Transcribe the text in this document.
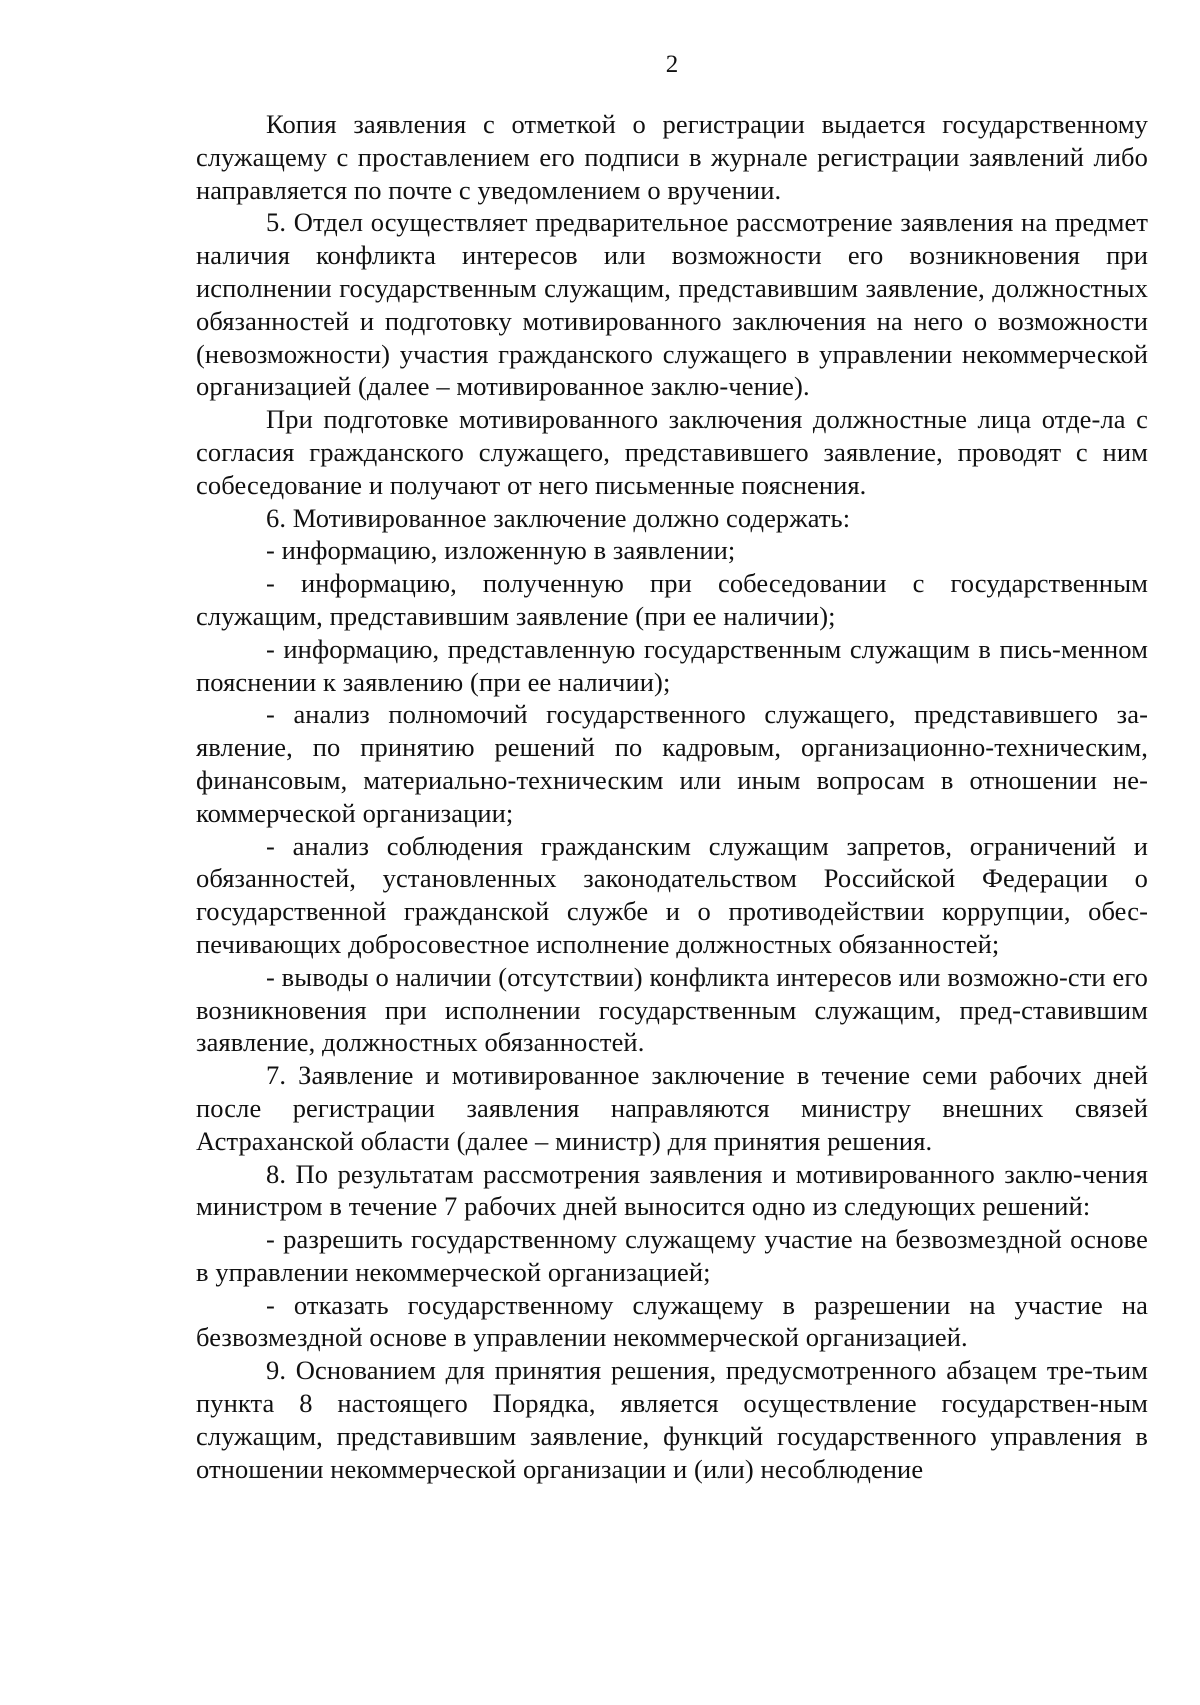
2

Копия заявления с отметкой о регистрации выдается государственному служащему с проставлением его подписи в журнале регистрации заявлений либо направляется по почте с уведомлением о вручении.

5. Отдел осуществляет предварительное рассмотрение заявления на предмет наличия конфликта интересов или возможности его возникновения при исполнении государственным служащим, представившим заявление, должностных обязанностей и подготовку мотивированного заключения на него о возможности (невозможности) участия гражданского служащего в управлении некоммерческой организацией (далее – мотивированное заклю-чение).

При подготовке мотивированного заключения должностные лица отде-ла с согласия гражданского служащего, представившего заявление, проводят с ним собеседование и получают от него письменные пояснения.

6. Мотивированное заключение должно содержать:

- информацию, изложенную в заявлении;

- информацию, полученную при собеседовании с государственным служащим, представившим заявление (при ее наличии);

- информацию, представленную государственным служащим в пись-менном пояснении к заявлению (при ее наличии);

- анализ полномочий государственного служащего, представившего за-явление, по принятию решений по кадровым, организационно-техническим, финансовым, материально-техническим или иным вопросам в отношении не-коммерческой организации;

- анализ соблюдения гражданским служащим запретов, ограничений и обязанностей, установленных законодательством Российской Федерации о государственной гражданской службе и о противодействии коррупции, обес-печивающих добросовестное исполнение должностных обязанностей;

- выводы о наличии (отсутствии) конфликта интересов или возможно-сти его возникновения при исполнении государственным служащим, пред-ставившим заявление, должностных обязанностей.

7. Заявление и мотивированное заключение в течение семи рабочих дней после регистрации заявления направляются министру внешних связей Астраханской области (далее – министр) для принятия решения.

8. По результатам рассмотрения заявления и мотивированного заклю-чения министром в течение 7 рабочих дней выносится одно из следующих решений:

- разрешить государственному служащему участие на безвозмездной основе в управлении некоммерческой организацией;

- отказать государственному служащему в разрешении на участие на безвозмездной основе в управлении некоммерческой организацией.

9. Основанием для принятия решения, предусмотренного абзацем тре-тьим пункта 8 настоящего Порядка, является осуществление государствен-ным служащим, представившим заявление, функций государственного управления в отношении некоммерческой организации и (или) несоблюдение
